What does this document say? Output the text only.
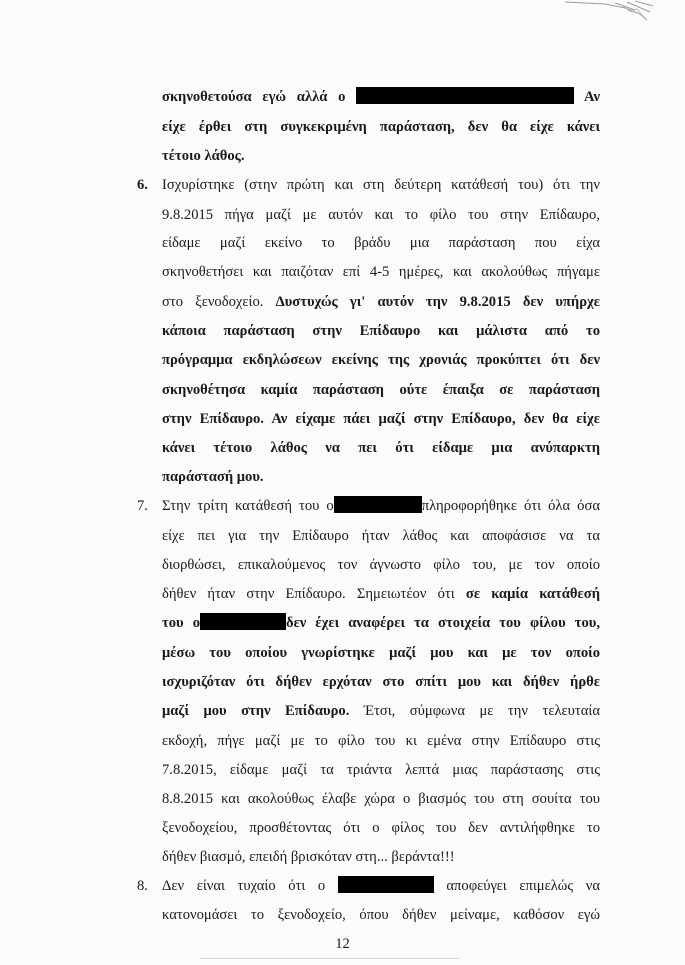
σκηνοθετούσα εγώ αλλά ο	Αν
είχε έρθει στη συγκεκριμένη παράσταση, δεν θα είχε κάνει
τέτοιο λάθος.
6. Ισχυρίστηκε (στην πρώτη και στη δεύτερη κατάθεσή του) ότι την
9.8.2015 πήγα μαζί με αυτόν και το φίλο του στην Επίδαυρο,
είδαμε μαζί εκείνο το βράδυ μια παράσταση που είχα
σκηνοθετήσει και παιζόταν επί 4-5 ημέρες, και ακολούθως πήγαμε
στο ξενοδοχείο. Δυστυχώς γι' αυτόν την 9.8.2015 δεν υπήρχε
κάποια παράσταση στην Επίδαυρο και μάλιστα από το
πρόγραμμα εκδηλώσεων εκείνης της χρονιάς προκύπτει ότι δεν
σκηνοθέτησα καμία παράσταση ούτε έπαιξα σε παράσταση
στην Επίδαυρο. Αν είχαμε πάει μαζί στην Επίδαυρο, δεν θα είχε
κάνει τέτοιο λάθος να πει ότι είδαμε μια ανύπαρκτη
παράστασή μου.
7. Στην τρίτη κατάθεσή του ο	πληροφορήθηκε ότι όλα όσα
είχε πει για την Επίδαυρο ήταν λάθος και αποφάσισε να τα
διορθώσει, επικαλούμενος τον άγνωστο φίλο του, με τον οποίο
δήθεν ήταν στην Επίδαυρο. Σημειωτέον ότι σε καμία κατάθεσή
του ο	δεν έχει αναφέρει τα στοιχεία του φίλου του,
μέσω του οποίου γνωρίστηκε μαζί μου και με τον οποίο
ισχυριζόταν ότι δήθεν ερχόταν στο σπίτι μου και δήθεν ήρθε
μαζί μου στην Επίδαυρο. Έτσι, σύμφωνα με την τελευταία
εκδοχή, πήγε μαζί με το φίλο του κι εμένα στην Επίδαυρο στις
7.8.2015, είδαμε μαζί τα τριάντα λεπτά μιας παράστασης στις
8.8.2015 και ακολούθως έλαβε χώρα ο βιασμός του στη σουίτα του
ξενοδοχείου, προσθέτοντας ότι ο φίλος του δεν αντιλήφθηκε το
δήθεν βιασμό, επειδή βρισκόταν στη... βεράντα!!!
8. Δεν είναι τυχαίο ότι ο	αποφεύγει επιμελώς να
κατονομάσει το ξενοδοχείο, όπου δήθεν μείναμε, καθόσον εγώ
12
